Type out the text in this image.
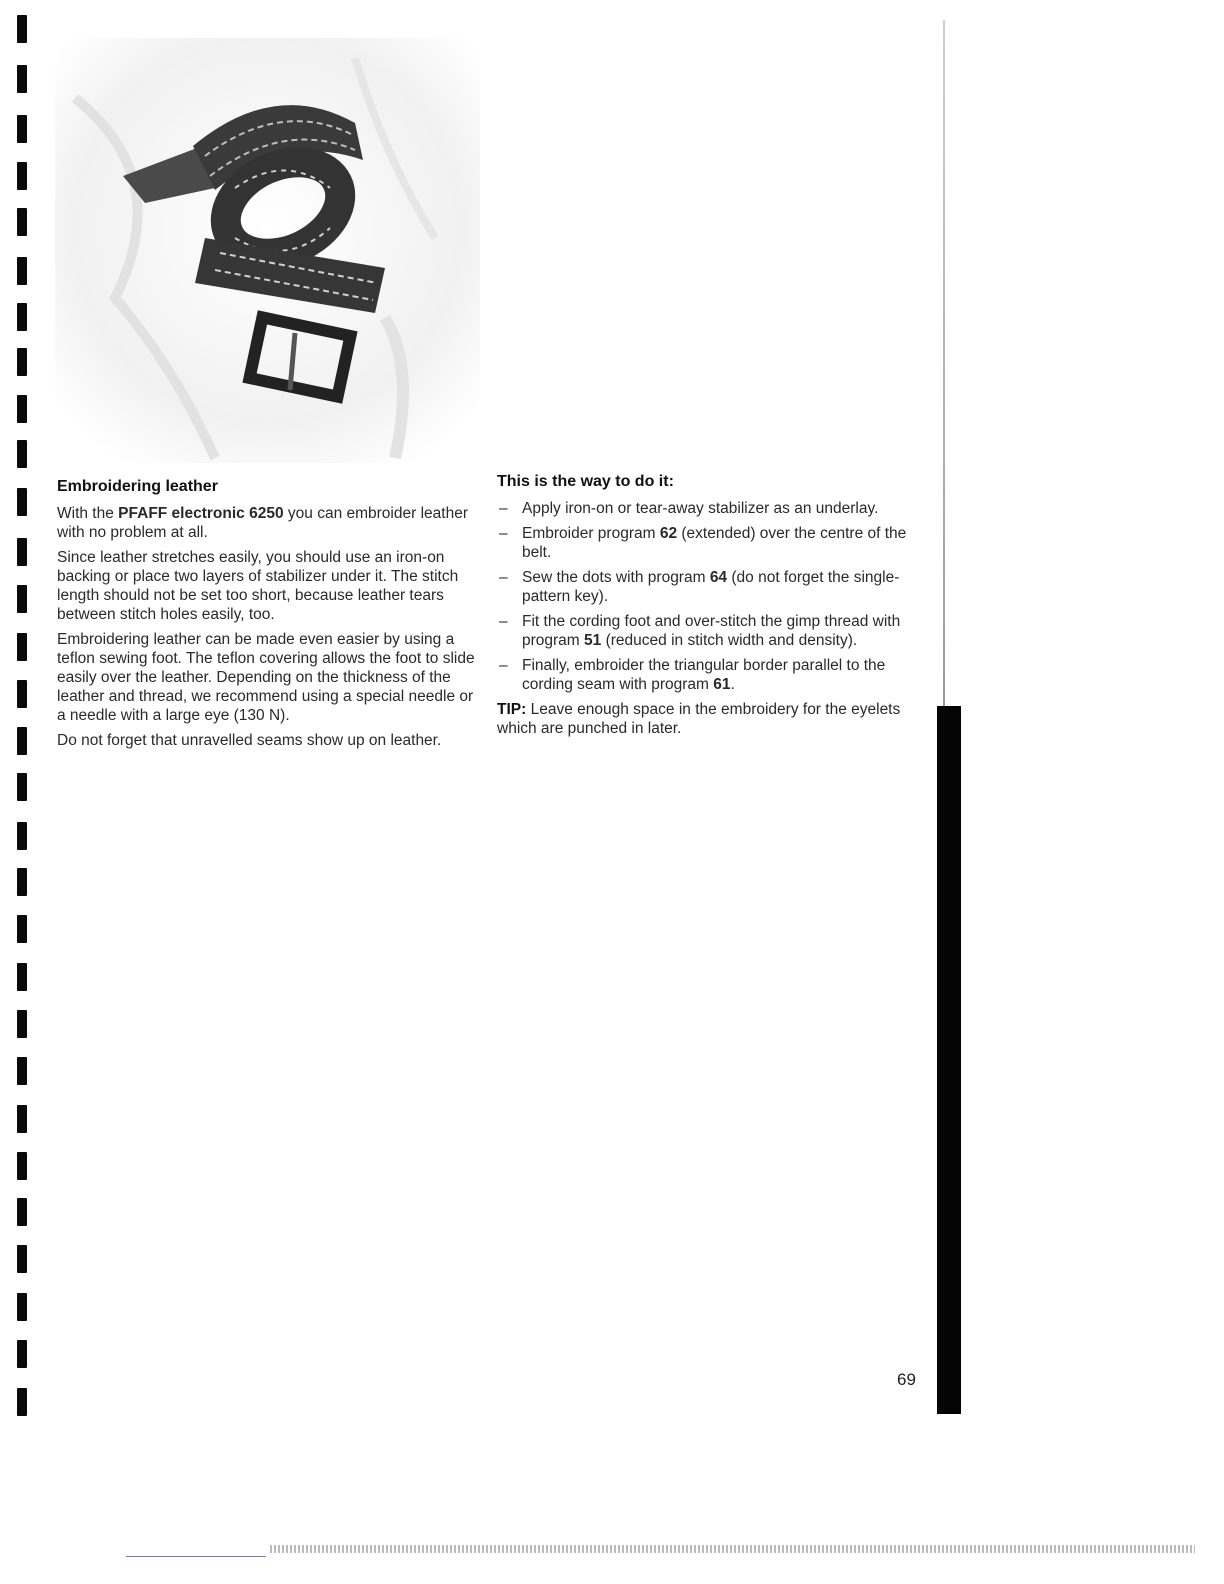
Embroidering leather

With the PFAFF electronic 6250 you can embroider leather with no problem at all.

Since leather stretches easily, you should use an iron-on backing or place two layers of stabilizer under it. The stitch length should not be set too short, because leather tears between stitch holes easily, too.

Embroidering leather can be made even easier by using a teflon sewing foot. The teflon covering allows the foot to slide easily over the leather. Depending on the thickness of the leather and thread, we recommend using a special needle or a needle with a large eye (130 N).

Do not forget that unravelled seams show up on leather.

This is the way to do it:
– Apply iron-on or tear-away stabilizer as an underlay.
– Embroider program 62 (extended) over the centre of the belt.
– Sew the dots with program 64 (do not forget the single-pattern key).
– Fit the cording foot and over-stitch the gimp thread with program 51 (reduced in stitch width and density).
– Finally, embroider the triangular border parallel to the cording seam with program 61.

TIP: Leave enough space in the embroidery for the eyelets which are punched in later.

69
